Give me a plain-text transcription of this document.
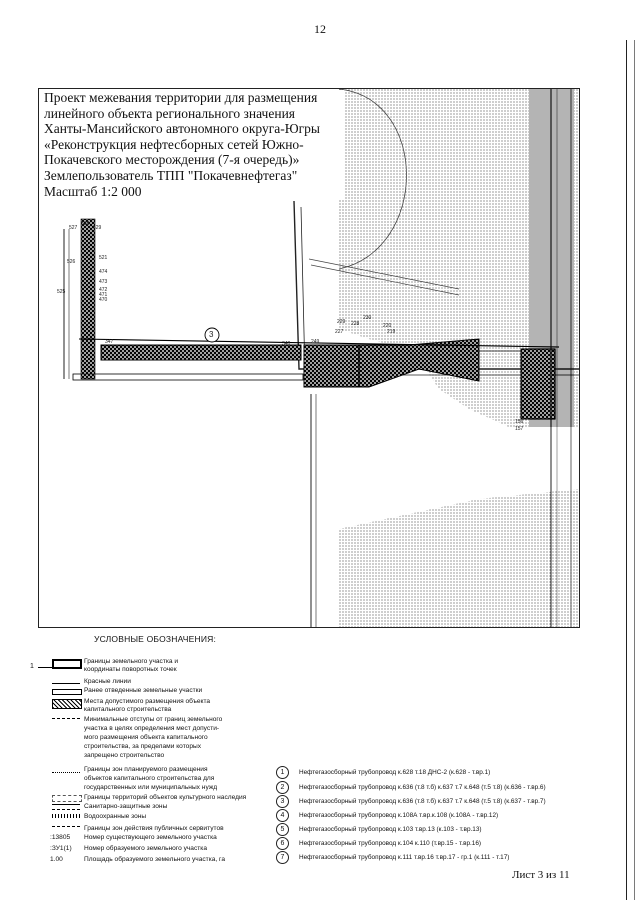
12
3
474
473
472
471
470
347	348
521
525
526
527
528
529
249
227
228
229
230
219
220
156
157
Проект межевания территории для размещения
линейного объекта регионального значения
Ханты-Мансийского автономного округа-Югры
«Реконструкция нефтесборных сетей Южно-
Покачевского месторождения (7-я очередь)»
Землепользователь ТПП "Покачевнефтегаз"
Масштаб 1:2 000
УСЛОВНЫЕ ОБОЗНАЧЕНИЯ:
1
Границы земельного участка и
координаты поворотных точек
Красные линии
Ранее отведенные земельные участки
Места допустимого размещения объекта
капитального строительства
Минимальные отступы от границ земельного
участка в целях определения мест допусти-
мого размещения объекта капитального
строительства, за пределами которых
запрещено строительство
Границы зон планируемого размещения
объектов капитального строительства для
государственных или муниципальных нужд
Границы территорий объектов культурного наследия
Санитарно-защитные зоны
Водоохранные зоны
Границы зон действия публичных сервитутов
:13805 Номер существующего земельного участка
:ЗУ1(1) Номер образуемого земельного участка
1.00	Площадь образуемого земельного участка, га
1 Нефтегазосборный трубопровод к.628 т.18 ДНС-2 (к.628 - т.вр.1)
2 Нефтегазосборный трубопровод к.636 (т.8 т.б) к.637 т.7 к.648 (т.5 т.8) (к.636 - т.вр.6)
3 Нефтегазосборный трубопровод к.636 (т.8 т.б) к.637 т.7 к.648 (т.5 т.8) (к.637 - т.вр.7)
4 Нефтегазосборный трубопровод к.108А т.вр.к.108 (к.108А - т.вр.12)
5 Нефтегазосборный трубопровод к.103 т.вр.13 (к.103 - т.вр.13)
6 Нефтегазосборный трубопровод к.104 к.110 (т.вр.15 - т.вр.16)
7 Нефтегазосборный трубопровод к.111 т.вр.16 т.вр.17 - гр.1 (к.111 - т.17)
Лист 3 из 11
